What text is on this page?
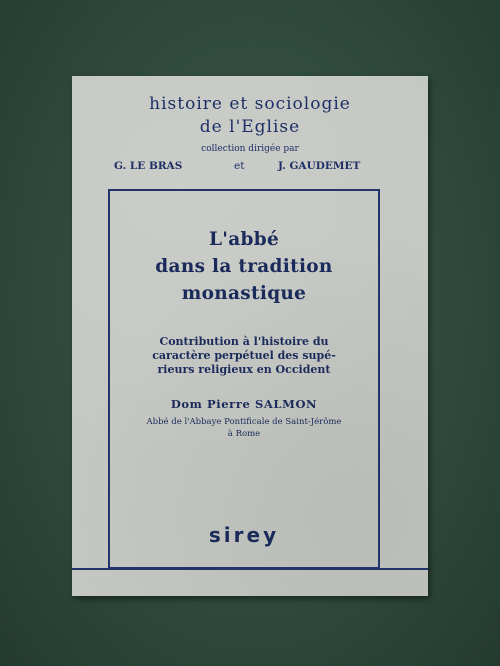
histoire et sociologie
de l'Eglise
collection dirigée par
G. LE BRAS	et	J. GAUDEMET
L'abbé
dans la tradition
monastique
Contribution à l'histoire du
caractère perpétuel des supé-
rieurs religieux en Occident
Dom Pierre SALMON
Abbé de l'Abbaye Pontificale de Saint-Jérôme
à Rome
sirey
